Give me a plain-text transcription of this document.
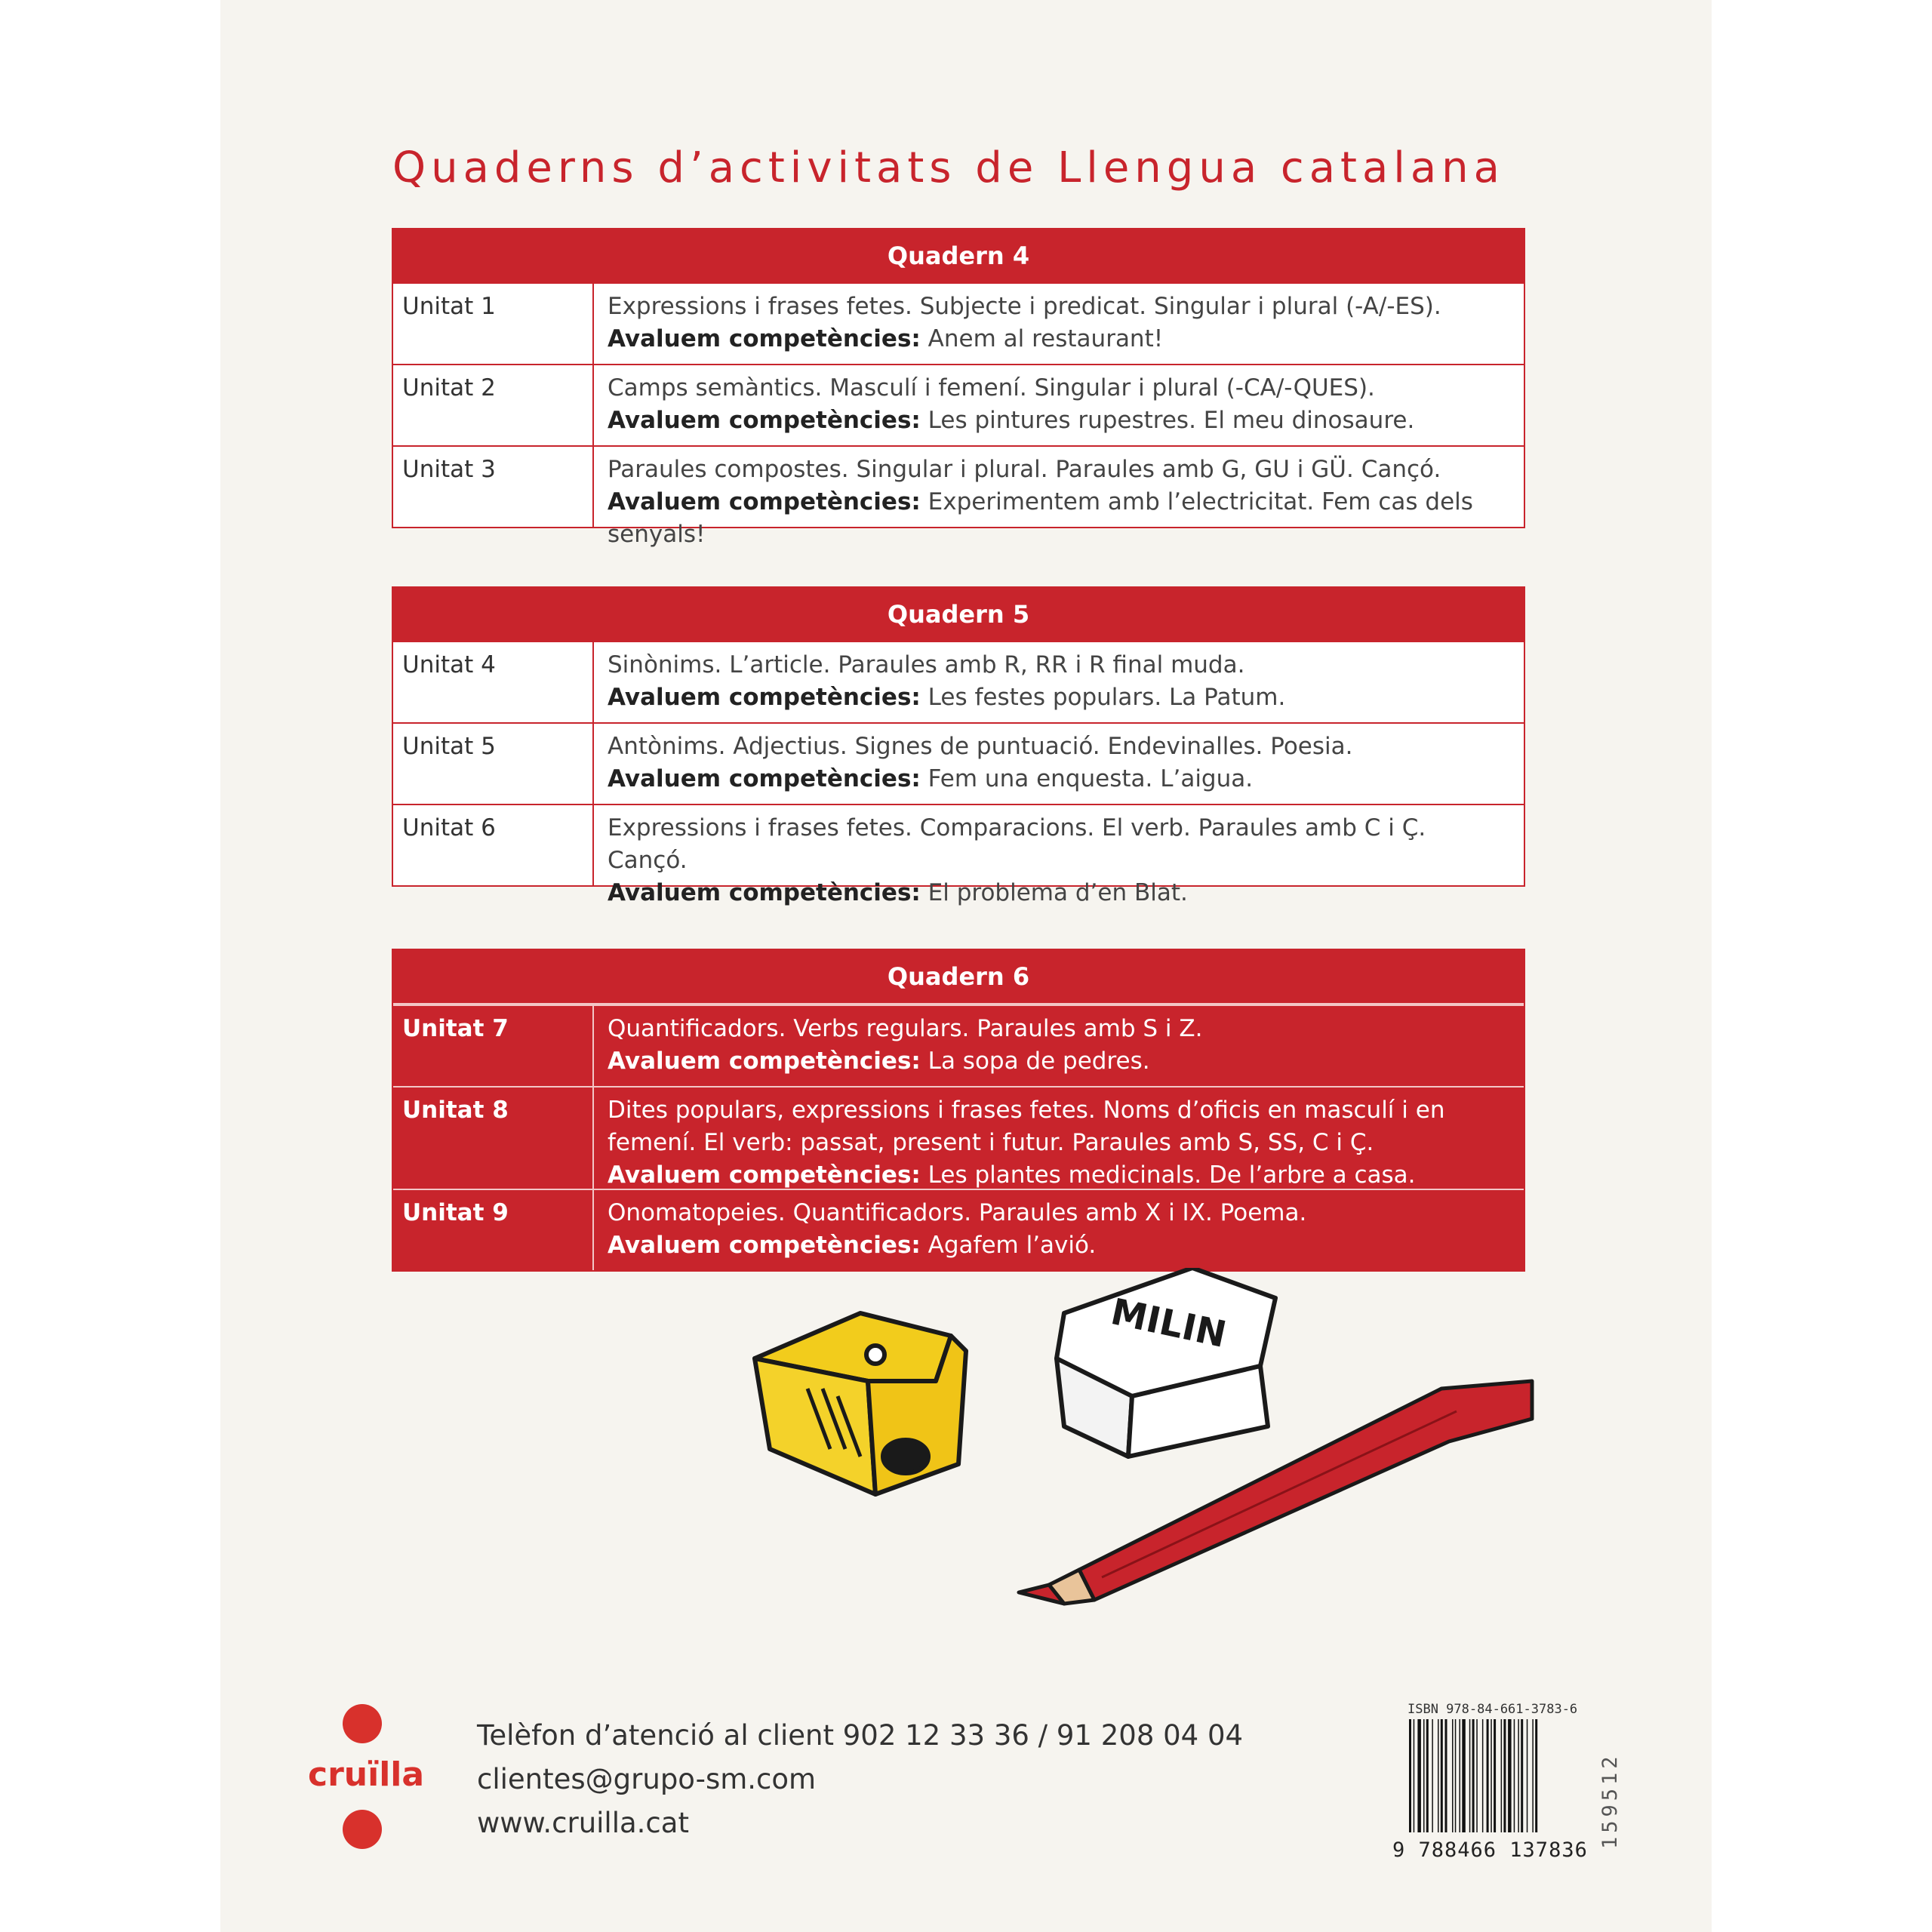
Quaderns d’activitats de Llengua catalana
Quadern 4
Unitat 1	Expressions i frases fetes. Subjecte i predicat. Singular i plural (-A/-ES).
Avaluem competències: Anem al restaurant!
Unitat 2	Camps semàntics. Masculí i femení. Singular i plural (-CA/-QUES).
Avaluem competències: Les pintures rupestres. El meu dinosaure.
Unitat 3	Paraules compostes. Singular i plural. Paraules amb G, GU i GÜ. Cançó.
Avaluem competències: Experimentem amb l’electricitat. Fem cas dels senyals!
Quadern 5
Unitat 4	Sinònims. L’article. Paraules amb R, RR i R final muda.
Avaluem competències: Les festes populars. La Patum.
Unitat 5	Antònims. Adjectius. Signes de puntuació. Endevinalles. Poesia.
Avaluem competències: Fem una enquesta. L’aigua.
Unitat 6	Expressions i frases fetes. Comparacions. El verb. Paraules amb C i Ç. Cançó.
Avaluem competències: El problema d’en Blat.
Quadern 6
Unitat 7	Quantificadors. Verbs regulars. Paraules amb S i Z.
Avaluem competències: La sopa de pedres.
Unitat 8	Dites populars, expressions i frases fetes. Noms d’oficis en masculí i en femení. El verb: passat, present i futur. Paraules amb S, SS, C i Ç.
Avaluem competències: Les plantes medicinals. De l’arbre a casa.
Unitat 9	Onomatopeies. Quantificadors. Paraules amb X i IX. Poema.
Avaluem competències: Agafem l’avió.
MILIN
cruïlla
Telèfon d’atenció al client 902 12 33 36 / 91 208 04 04
clientes@grupo-sm.com
www.cruilla.cat
ISBN 978-84-661-3783-6
9 788466 137836
159512
